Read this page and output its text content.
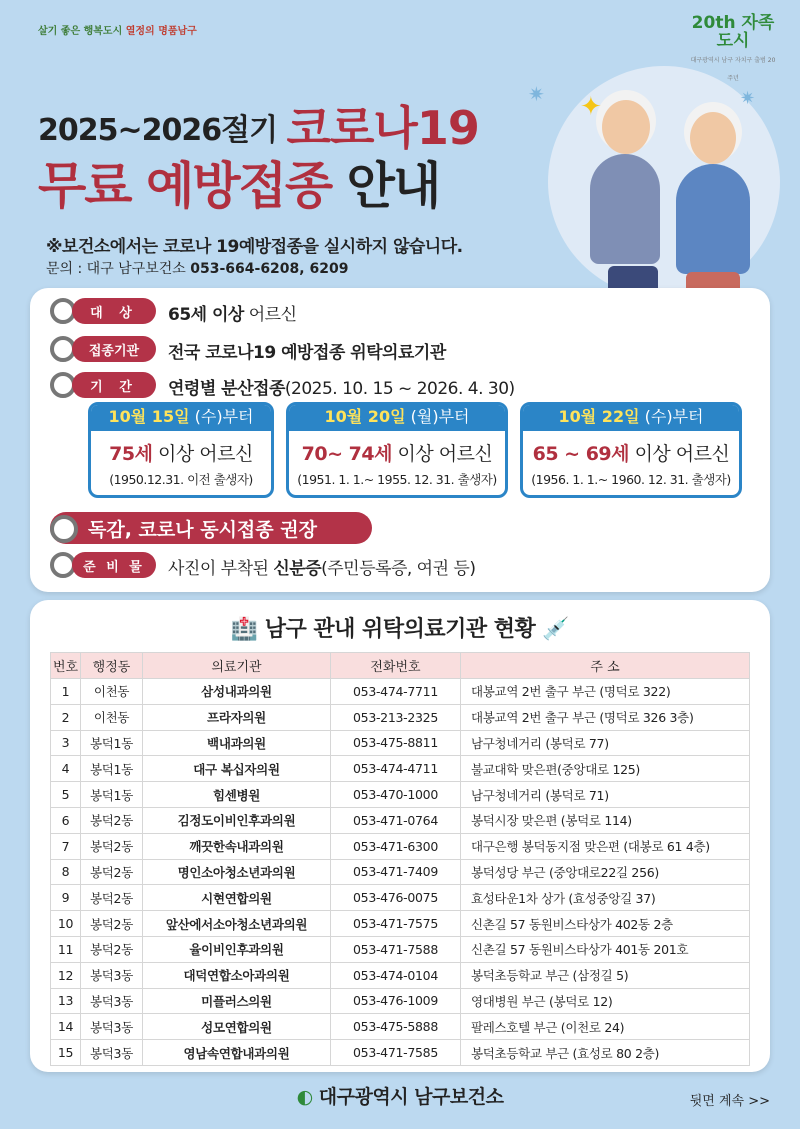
살기 좋은 행복도시 열정의 명품남구	20th 자족도시
대구광역시 남구 자치구 출범 20주년
✦	✷
✷
2025~2026절기 코로나19
무료 예방접종 안내
※보건소에서는 코로나 19예방접종을 실시하지 않습니다.
문의 : 대구 남구보건소 053-664-6208, 6209
대 상	65세 이상 어르신
접종기관	전국 코로나19 예방접종 위탁의료기관
기 간	연령별 분산접종(2025. 10. 15 ~ 2026. 4. 30)
10월 15일 (수)부터
75세 이상 어르신
(1950.12.31. 이전 출생자)
10월 20일 (월)부터
70~ 74세 이상 어르신
(1951. 1. 1.~ 1955. 12. 31. 출생자)
10월 22일 (수)부터
65 ~ 69세 이상 어르신
(1956. 1. 1.~ 1960. 12. 31. 출생자)
독감, 코로나 동시접종 권장
준 비 물	사진이 부착된 신분증(주민등록증, 여권 등)
🏥 남구 관내 위탁의료기관 현황 💉
번호	행정동	의료기관	전화번호	주 소
1	이천동	삼성내과의원	053-474-7711	대봉교역 2번 출구 부근 (명덕로 322)
2	이천동	프라자의원	053-213-2325	대봉교역 2번 출구 부근 (명덕로 326 3층)
3	봉덕1동	백내과의원	053-475-8811	남구청네거리 (봉덕로 77)
4	봉덕1동	대구 복십자의원	053-474-4711	불교대학 맞은편(중앙대로 125)
5	봉덕1동	힘센병원	053-470-1000	남구청네거리 (봉덕로 71)
6	봉덕2동	김정도이비인후과의원	053-471-0764	봉덕시장 맞은편 (봉덕로 114)
7	봉덕2동	깨끗한속내과의원	053-471-6300	대구은행 봉덕동지점 맞은편 (대봉로 61 4층)
8	봉덕2동	명인소아청소년과의원	053-471-7409	봉덕성당 부근 (중앙대로22길 256)
9	봉덕2동	시현연합의원	053-476-0075	효성타운1차 상가 (효성중앙길 37)
10	봉덕2동	앞산에서소아청소년과의원	053-471-7575	신촌길 57 동원비스타상가 402동 2층
11	봉덕2동	율이비인후과의원	053-471-7588	신촌길 57 동원비스타상가 401동 201호
12	봉덕3동	대덕연합소아과의원	053-474-0104	봉덕초등학교 부근 (삼정길 5)
13	봉덕3동	미플러스의원	053-476-1009	영대병원 부근 (봉덕로 12)
14	봉덕3동	성모연합의원	053-475-5888	팔레스호텔 부근 (이천로 24)
15	봉덕3동	영남속연합내과의원	053-471-7585	봉덕초등학교 부근 (효성로 80 2층)
◐ 대구광역시 남구보건소	뒷면 계속 >>
